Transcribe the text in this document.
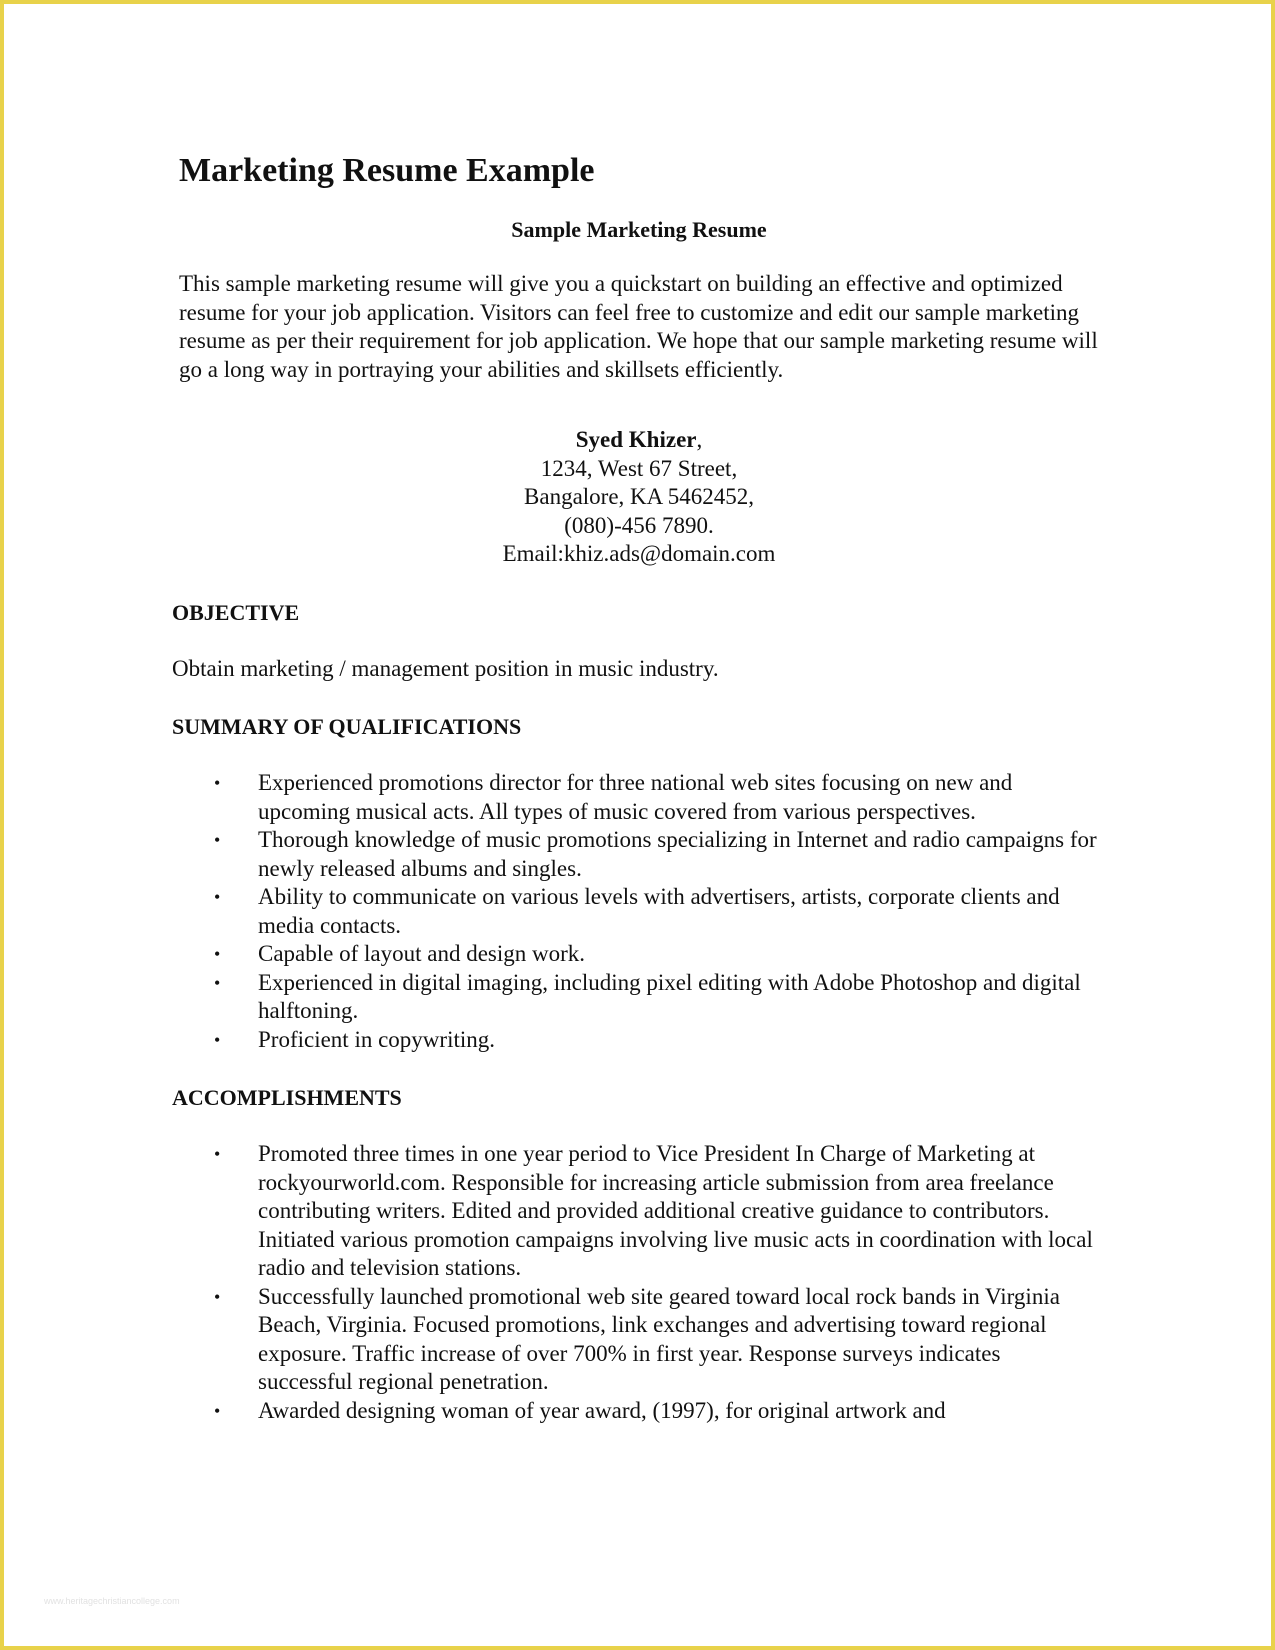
Marketing Resume Example
Sample Marketing Resume

This sample marketing resume will give you a quickstart on building an effective and optimized resume for your job application. Visitors can feel free to customize and edit our sample marketing resume as per their requirement for job application. We hope that our sample marketing resume will go a long way in portraying your abilities and skillsets efficiently.

Syed Khizer,
1234, West 67 Street,
Bangalore, KA 5462452,
(080)-456 7890.
Email:khiz.ads@domain.com
OBJECTIVE

Obtain marketing / management position in music industry.

SUMMARY OF QUALIFICATIONS
• Experienced promotions director for three national web sites focusing on new and upcoming musical acts. All types of music covered from various perspectives.
• Thorough knowledge of music promotions specializing in Internet and radio campaigns for newly released albums and singles.
• Ability to communicate on various levels with advertisers, artists, corporate clients and media contacts.
• Capable of layout and design work.
• Experienced in digital imaging, including pixel editing with Adobe Photoshop and digital halftoning.
• Proficient in copywriting.
ACCOMPLISHMENTS
• Promoted three times in one year period to Vice President In Charge of Marketing at rockyourworld.com. Responsible for increasing article submission from area freelance contributing writers. Edited and provided additional creative guidance to contributors. Initiated various promotion campaigns involving live music acts in coordination with local radio and television stations.
• Successfully launched promotional web site geared toward local rock bands in Virginia Beach, Virginia. Focused promotions, link exchanges and advertising toward regional exposure. Traffic increase of over 700% in first year. Response surveys indicates successful regional penetration.
• Awarded designing woman of year award, (1997), for original artwork and
www.heritagechristiancollege.com
